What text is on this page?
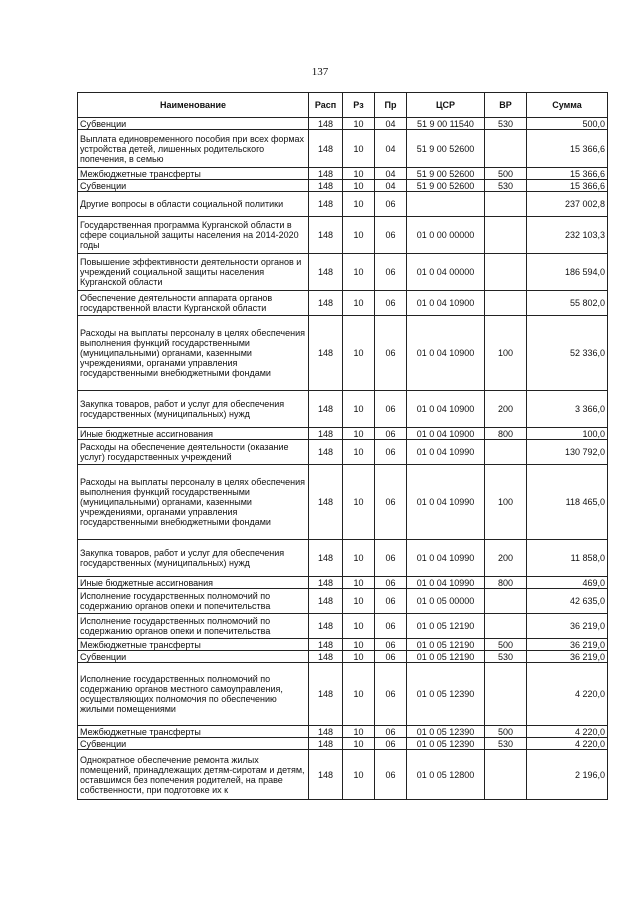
137
Наименование	Расп	Рз	Пр	ЦСР	ВР	Сумма
Субвенции	148	10	04	51 9 00 11540	530	500,0
Выплата единовременного пособия при всех формах устройства детей, лишенных родительского попечения, в семью	148	10	04	51 9 00 52600		15 366,6
Межбюджетные трансферты	148	10	04	51 9 00 52600	500	15 366,6
Субвенции	148	10	04	51 9 00 52600	530	15 366,6
Другие вопросы в области социальной политики	148	10	06			237 002,8
Государственная программа Курганской области в сфере социальной защиты населения на 2014-2020 годы	148	10	06	01 0 00 00000		232 103,3
Повышение эффективности деятельности органов и учреждений социальной защиты населения Курганской области	148	10	06	01 0 04 00000		186 594,0
Обеспечение деятельности аппарата органов государственной власти Курганской области	148	10	06	01 0 04 10900		55 802,0
Расходы на выплаты персоналу в целях обеспечения выполнения функций государственными (муниципальными) органами, казенными учреждениями, органами управления государственными внебюджетными фондами	148	10	06	01 0 04 10900	100	52 336,0
Закупка товаров, работ и услуг для обеспечения государственных (муниципальных) нужд	148	10	06	01 0 04 10900	200	3 366,0
Иные бюджетные ассигнования	148	10	06	01 0 04 10900	800	100,0
Расходы на обеспечение деятельности (оказание услуг) государственных учреждений	148	10	06	01 0 04 10990		130 792,0
Расходы на выплаты персоналу в целях обеспечения выполнения функций государственными (муниципальными) органами, казенными учреждениями, органами управления государственными внебюджетными фондами	148	10	06	01 0 04 10990	100	118 465,0
Закупка товаров, работ и услуг для обеспечения государственных (муниципальных) нужд	148	10	06	01 0 04 10990	200	11 858,0
Иные бюджетные ассигнования	148	10	06	01 0 04 10990	800	469,0
Исполнение государственных полномочий по содержанию органов опеки и попечительства	148	10	06	01 0 05 00000		42 635,0
Исполнение государственных полномочий по содержанию органов опеки и попечительства	148	10	06	01 0 05 12190		36 219,0
Межбюджетные трансферты	148	10	06	01 0 05 12190	500	36 219,0
Субвенции	148	10	06	01 0 05 12190	530	36 219,0
Исполнение государственных полномочий по содержанию органов местного самоуправления, осуществляющих полномочия по обеспечению жилыми помещениями	148	10	06	01 0 05 12390		4 220,0
Межбюджетные трансферты	148	10	06	01 0 05 12390	500	4 220,0
Субвенции	148	10	06	01 0 05 12390	530	4 220,0
Однократное обеспечение ремонта жилых помещений, принадлежащих детям-сиротам и детям, оставшимся без попечения родителей, на праве собственности, при подготовке их к	148	10	06	01 0 05 12800		2 196,0
